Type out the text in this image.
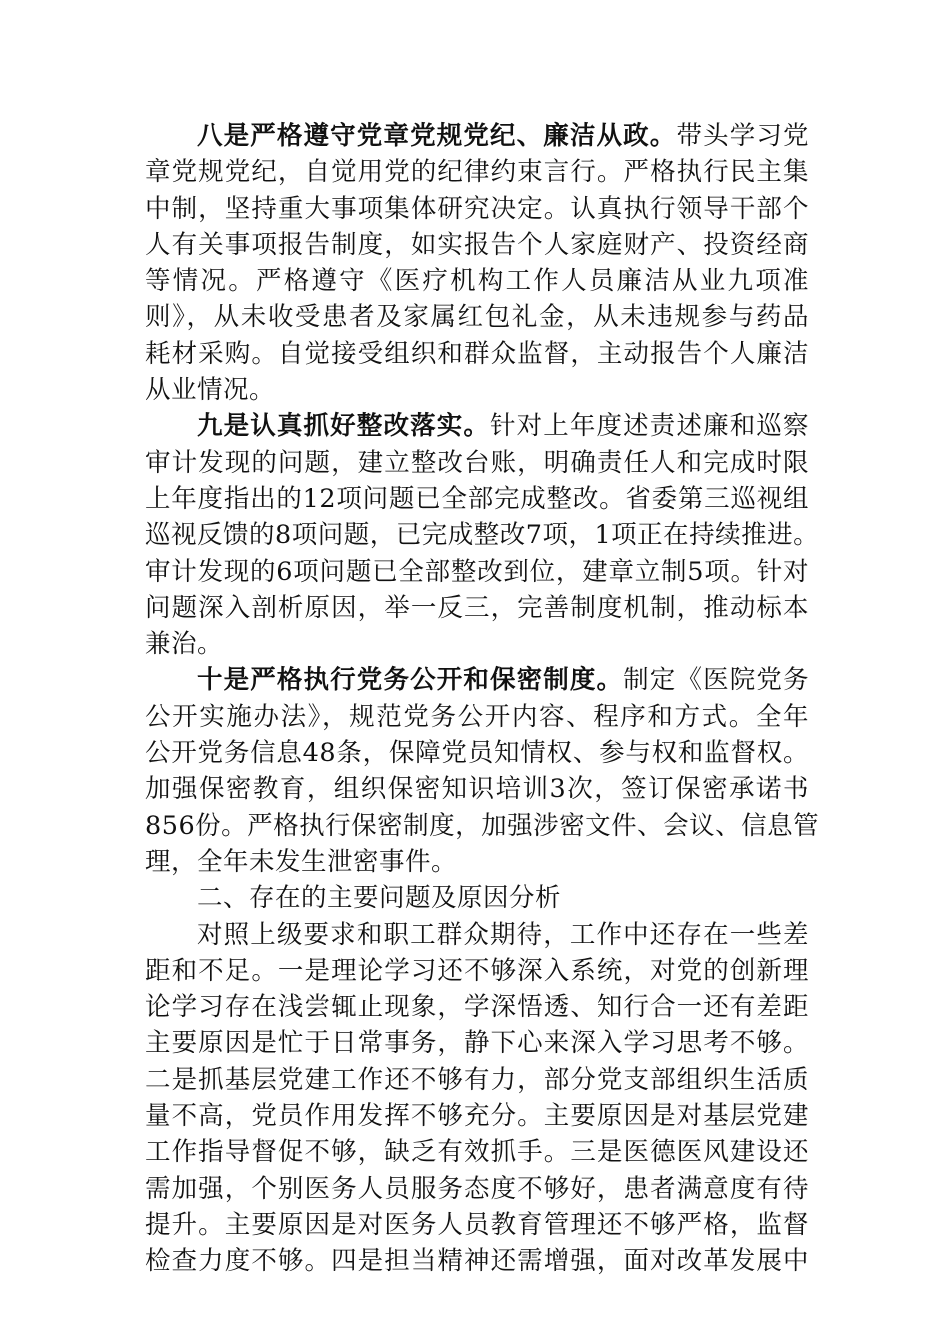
八是严格遵守党章党规党纪、廉洁从政。带头学习党
章党规党纪，自觉用党的纪律约束言行。严格执行民主集
中制，坚持重大事项集体研究决定。认真执行领导干部个
人有关事项报告制度，如实报告个人家庭财产、投资经商
等情况。严格遵守《医疗机构工作人员廉洁从业九项准
则》，从未收受患者及家属红包礼金，从未违规参与药品
耗材采购。自觉接受组织和群众监督，主动报告个人廉洁
从业情况。
九是认真抓好整改落实。针对上年度述责述廉和巡察
审计发现的问题，建立整改台账，明确责任人和完成时限
上年度指出的12项问题已全部完成整改。省委第三巡视组
巡视反馈的8项问题，已完成整改7项，1项正在持续推进。
审计发现的6项问题已全部整改到位，建章立制5项。针对
问题深入剖析原因，举一反三，完善制度机制，推动标本
兼治。
十是严格执行党务公开和保密制度。制定《医院党务
公开实施办法》，规范党务公开内容、程序和方式。全年
公开党务信息48条，保障党员知情权、参与权和监督权。
加强保密教育，组织保密知识培训3次，签订保密承诺书
856份。严格执行保密制度，加强涉密文件、会议、信息管
理，全年未发生泄密事件。
二、存在的主要问题及原因分析
对照上级要求和职工群众期待，工作中还存在一些差
距和不足。一是理论学习还不够深入系统，对党的创新理
论学习存在浅尝辄止现象，学深悟透、知行合一还有差距
主要原因是忙于日常事务，静下心来深入学习思考不够。
二是抓基层党建工作还不够有力，部分党支部组织生活质
量不高，党员作用发挥不够充分。主要原因是对基层党建
工作指导督促不够，缺乏有效抓手。三是医德医风建设还
需加强，个别医务人员服务态度不够好，患者满意度有待
提升。主要原因是对医务人员教育管理还不够严格，监督
检查力度不够。四是担当精神还需增强，面对改革发展中
